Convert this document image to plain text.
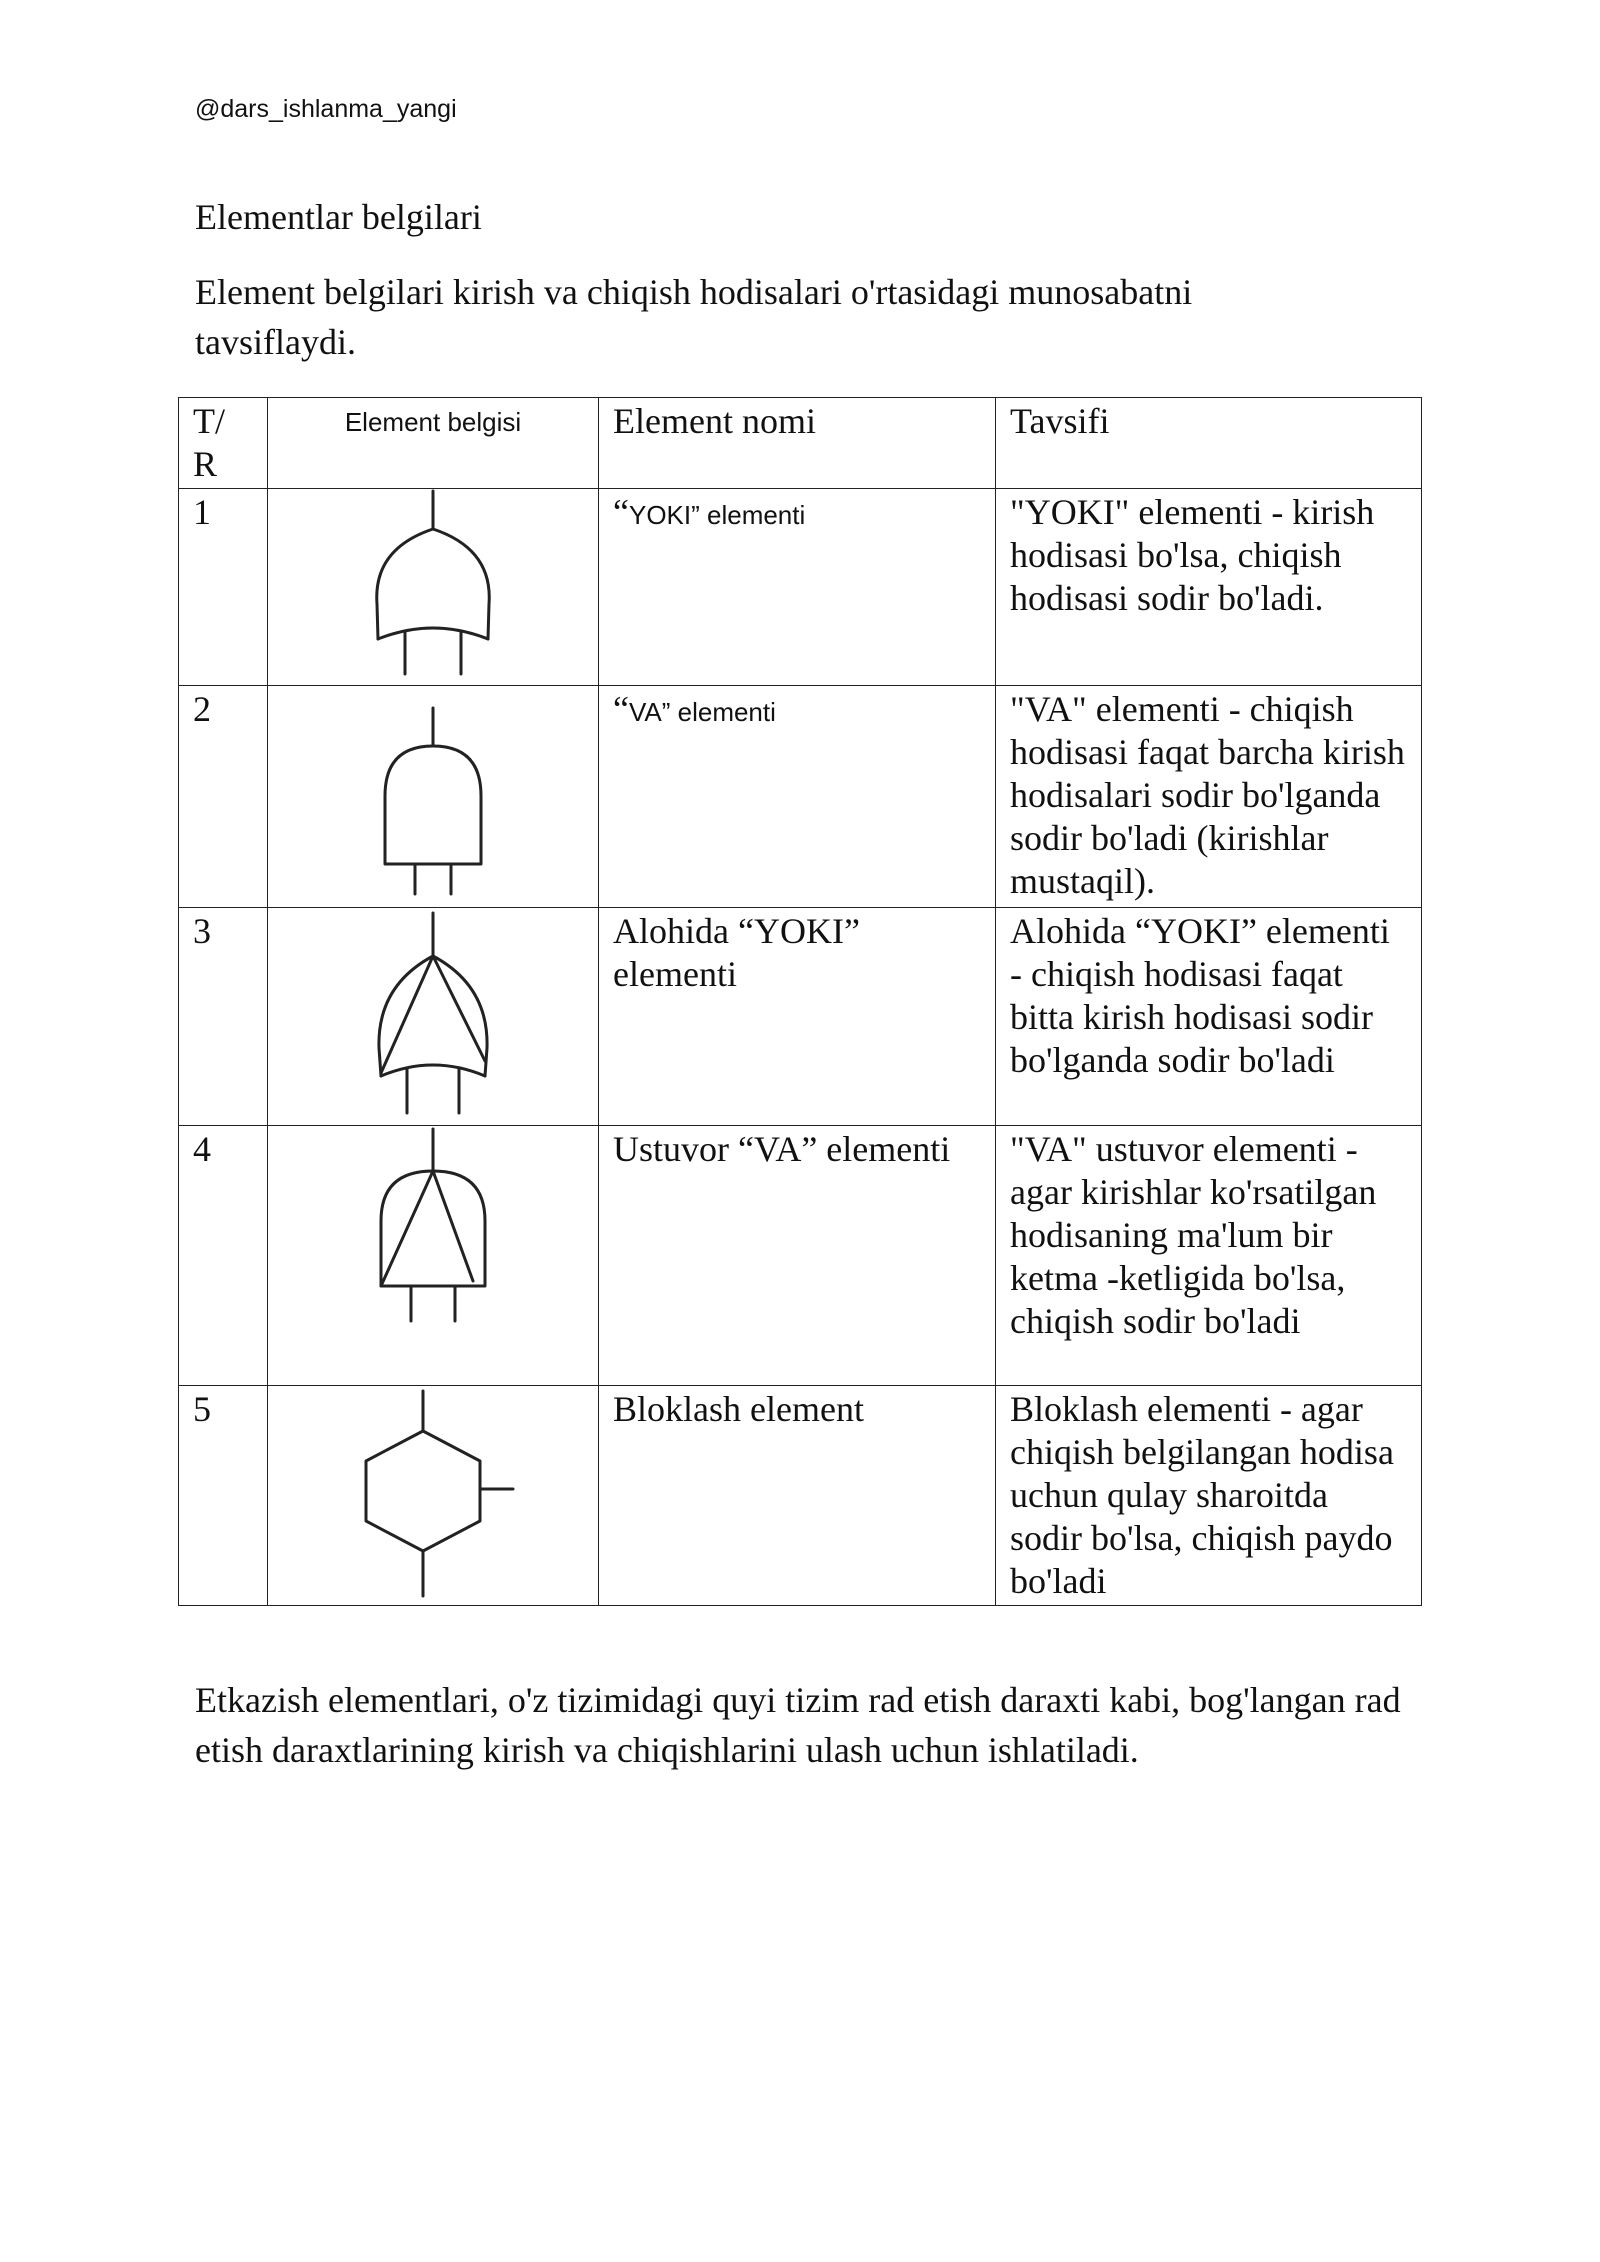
@dars_ishlanma_yangi
Elementlar belgilari
Element belgilari kirish va chiqish hodisalari o'rtasidagi munosabatni tavsiflaydi.
T/ R	Element belgisi	Element nomi	Tavsifi
1		“YOKI” elementi	"YOKI" elementi - kirish hodisasi bo'lsa, chiqish hodisasi sodir bo'ladi.
2		“VA” elementi	"VA" elementi - chiqish hodisasi faqat barcha kirish hodisalari sodir bo'lganda sodir bo'ladi (kirishlar mustaqil).
3		Alohida “YOKI” elementi	Alohida “YOKI” elementi - chiqish hodisasi faqat bitta kirish hodisasi sodir bo'lganda sodir bo'ladi
4		Ustuvor “VA” elementi	"VA" ustuvor elementi - agar kirishlar ko'rsatilgan hodisaning ma'lum bir ketma -ketligida bo'lsa, chiqish sodir bo'ladi
5		Bloklash element	Bloklash elementi - agar chiqish belgilangan hodisa uchun qulay sharoitda sodir bo'lsa, chiqish paydo bo'ladi
Etkazish elementlari, o'z tizimidagi quyi tizim rad etish daraxti kabi, bog'langan rad etish daraxtlarining kirish va chiqishlarini ulash uchun ishlatiladi.
